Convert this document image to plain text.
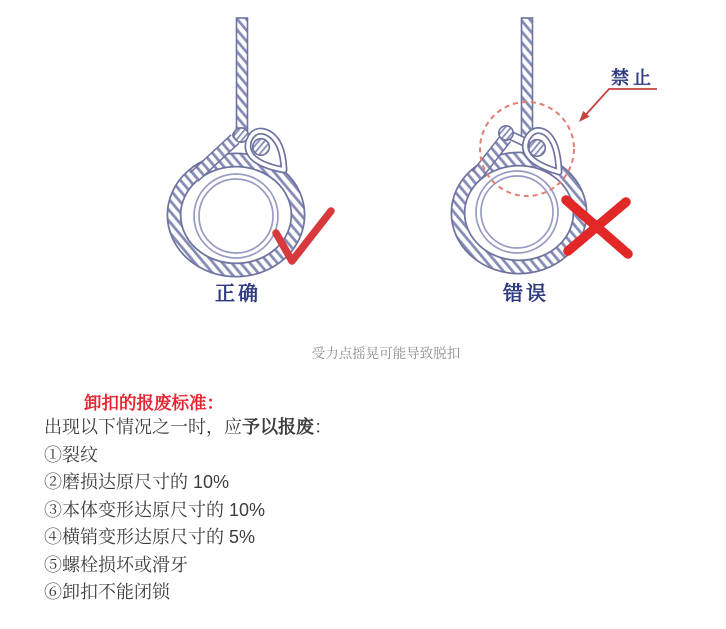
正确
禁止
错误
受力点摇晃可能导致脱扣
卸扣的报废标准：
出现以下情况之一时，应予以报废：
①裂纹
②磨损达原尺寸的 10%
③本体变形达原尺寸的 10%
④横销变形达原尺寸的 5%
⑤螺栓损坏或滑牙
⑥卸扣不能闭锁
